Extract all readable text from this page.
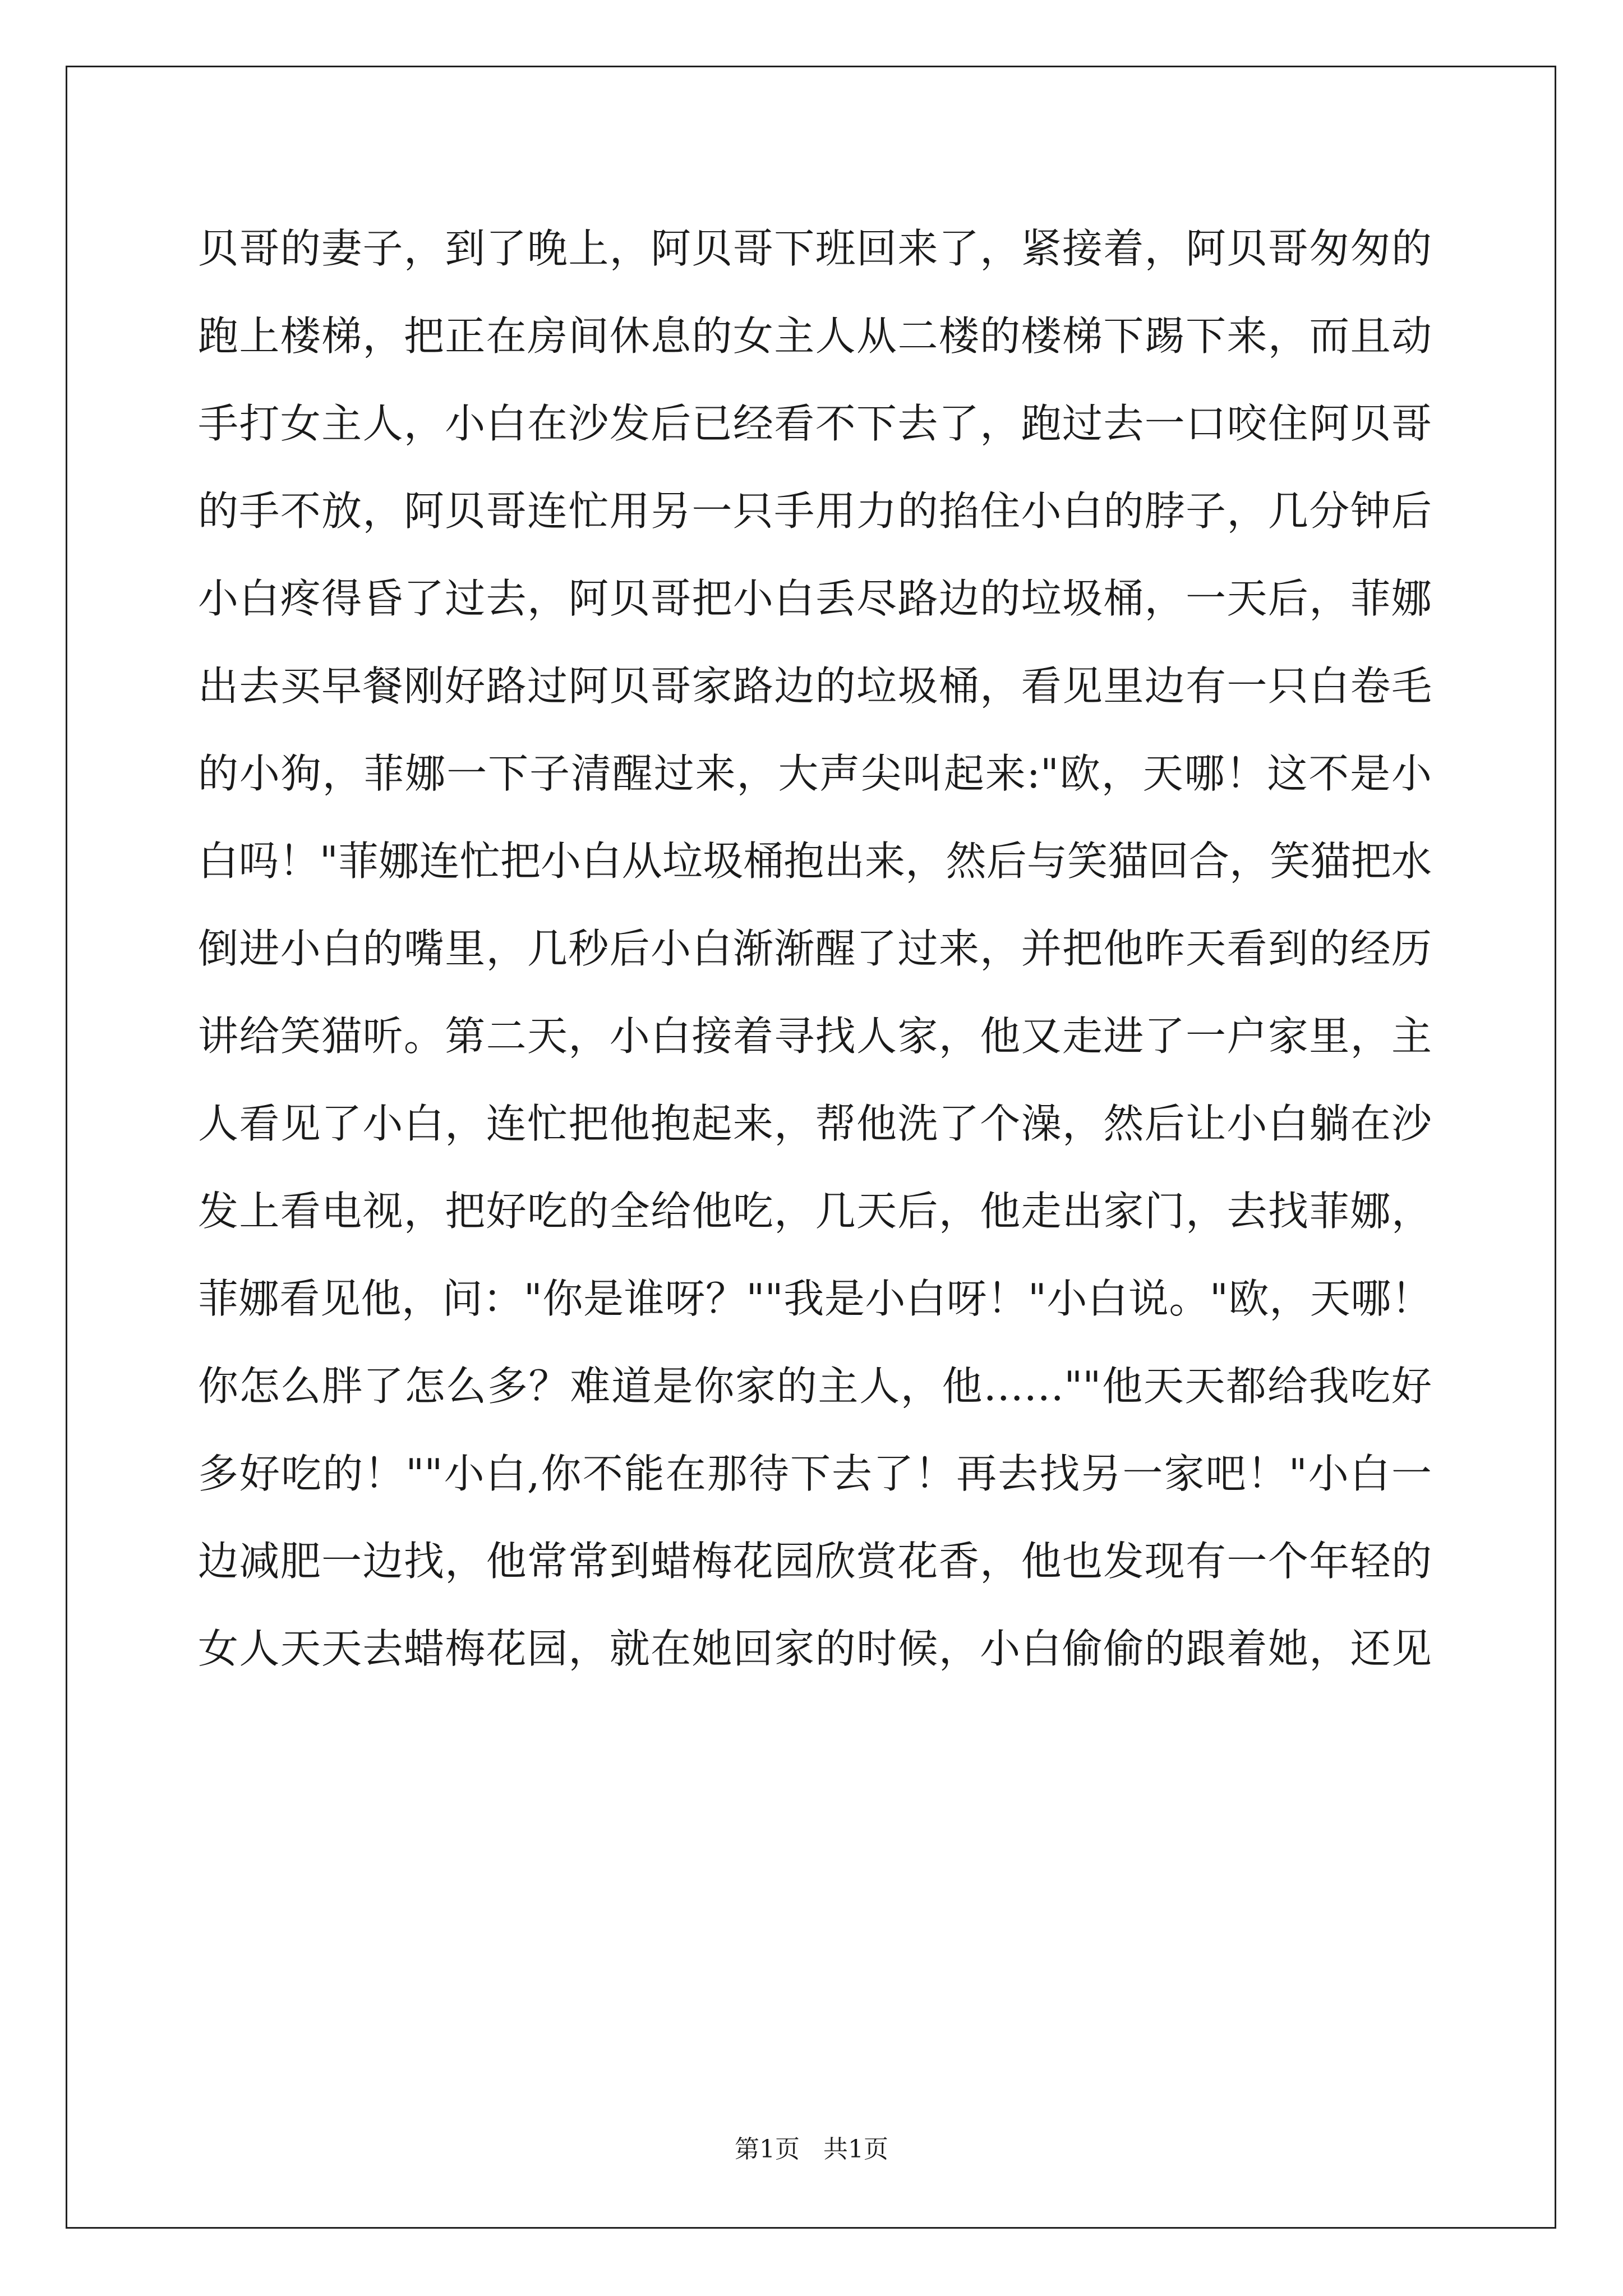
贝哥的妻子，到了晚上，阿贝哥下班回来了，紧接着，阿贝哥匆匆的
跑上楼梯，把正在房间休息的女主人从二楼的楼梯下踢下来，而且动
手打女主人，小白在沙发后已经看不下去了，跑过去一口咬住阿贝哥
的手不放，阿贝哥连忙用另一只手用力的掐住小白的脖子，几分钟后
小白疼得昏了过去，阿贝哥把小白丢尽路边的垃圾桶，一天后，菲娜
出去买早餐刚好路过阿贝哥家路边的垃圾桶，看见里边有一只白卷毛
的小狗，菲娜一下子清醒过来，大声尖叫起来:"欧，天哪！这不是小
白吗！"菲娜连忙把小白从垃圾桶抱出来，然后与笑猫回合，笑猫把水
倒进小白的嘴里，几秒后小白渐渐醒了过来，并把他昨天看到的经历
讲给笑猫听。第二天，小白接着寻找人家，他又走进了一户家里，主
人看见了小白，连忙把他抱起来，帮他洗了个澡，然后让小白躺在沙
发上看电视，把好吃的全给他吃，几天后，他走出家门，去找菲娜，
菲娜看见他，问："你是谁呀？""我是小白呀！"小白说。"欧，天哪！
你怎么胖了怎么多？难道是你家的主人，他……""他天天都给我吃好
多好吃的！""小白,你不能在那待下去了！再去找另一家吧！"小白一
边减肥一边找，他常常到蜡梅花园欣赏花香，他也发现有一个年轻的
女人天天去蜡梅花园，就在她回家的时候，小白偷偷的跟着她，还见
第1页   共1页
